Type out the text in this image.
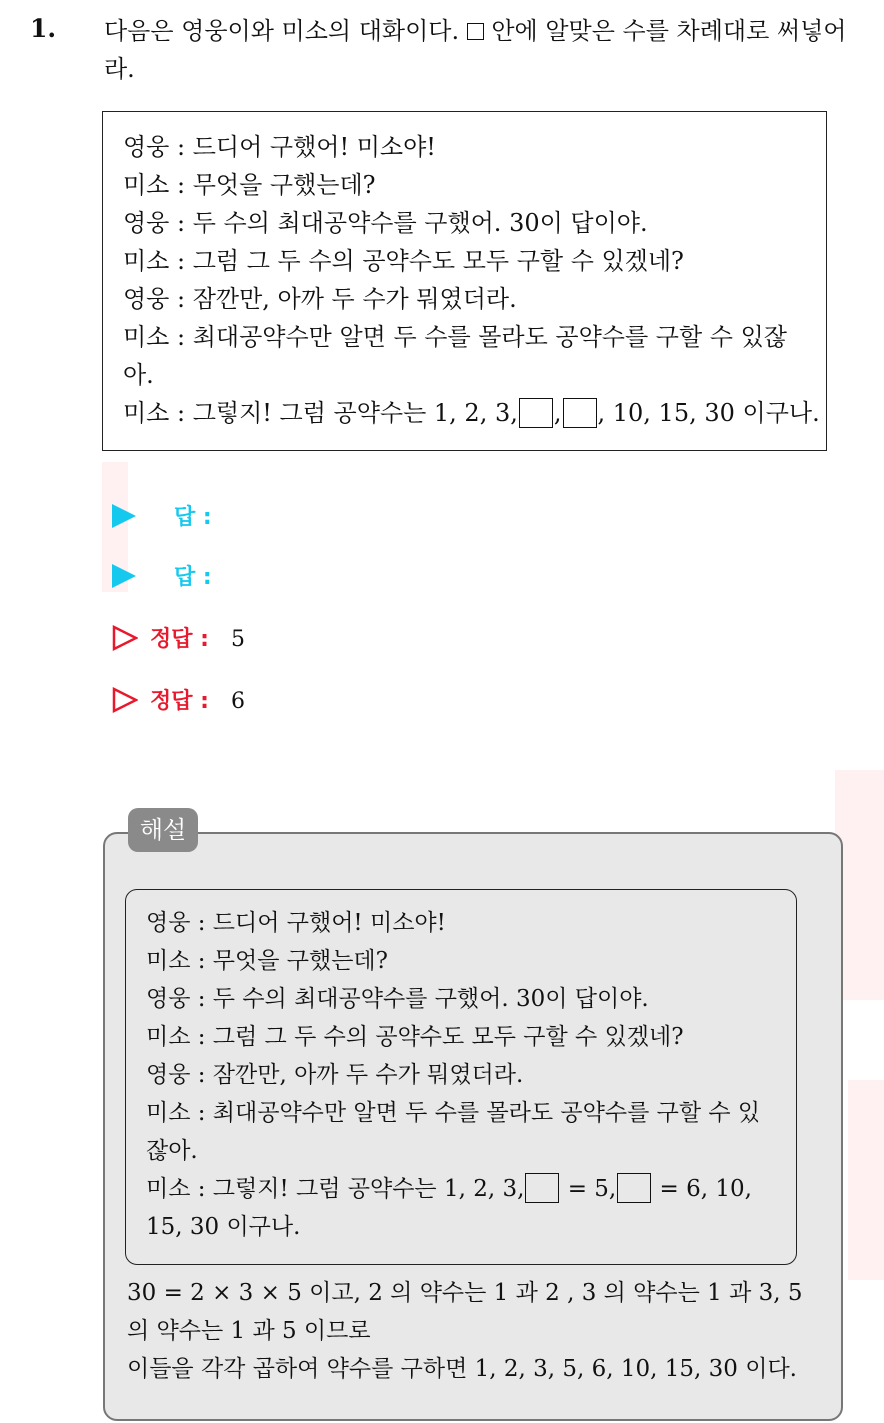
1. 다음은 영웅이와 미소의 대화이다. 안에 알맞은 수를 차례대로 써넣어라.
영웅 : 드디어 구했어! 미소야!
미소 : 무엇을 구했는데?
영웅 : 두 수의 최대공약수를 구했어. 30이 답이야.
미소 : 그럼 그 두 수의 공약수도 모두 구할 수 있겠네?
영웅 : 잠깐만, 아까 두 수가 뭐였더라.
미소 : 최대공약수만 알면 두 수를 몰라도 공약수를 구할 수 있잖아.
미소 : 그렇지! 그럼 공약수는 1, 2, 3, , , 10, 15, 30 이구나.
답 :
답 :
정답 : 5
정답 : 6
영웅 : 드디어 구했어! 미소야!
미소 : 무엇을 구했는데?
영웅 : 두 수의 최대공약수를 구했어. 30이 답이야.
미소 : 그럼 그 두 수의 공약수도 모두 구할 수 있겠네?
영웅 : 잠깐만, 아까 두 수가 뭐였더라.
미소 : 최대공약수만 알면 두 수를 몰라도 공약수를 구할 수 있잖아.
미소 : 그렇지! 그럼 공약수는 1, 2, 3, = 5, = 6, 10, 15, 30 이구나.
30 = 2 × 3 × 5 이고, 2 의 약수는 1 과 2 , 3 의 약수는 1 과 3, 5 의 약수는 1 과 5 이므로
이들을 각각 곱하여 약수를 구하면 1, 2, 3, 5, 6, 10, 15, 30 이다.
해설
